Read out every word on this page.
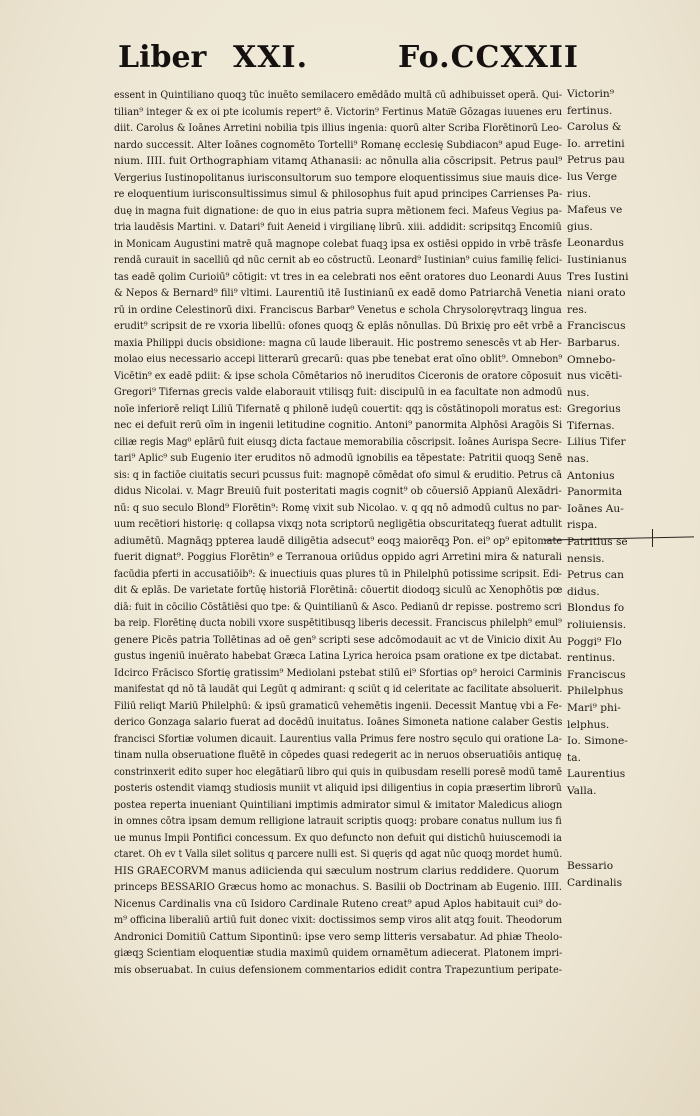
Liber XXI.	Fo.CCXXII
essent in Quintiliano quoqꝫ tūc inuēto semilacero emēdādo multā cū adhibuisset operā. Qui-
tilian⁹ integer & ex oi pte icolumis repert⁹ ē. Victorin⁹ Fertinus Matu͞e Gōzagas iuuenes eru
diit. Carolus & Ioānes Arretini nobilia tpis illius ingenia: quorū alter Scriba Florētinorū Leo-
nardo successit. Alter Ioānes cognomēto Tortelli⁹ Romanę ecclesię Subdiacon⁹ apud Euge-
nium. IIII. fuit Orthographiam vitamq Athanasii: ac nōnulla alia cōscripsit. Petrus paul⁹
Vergerius Iustinopolitanus iurisconsultorum suo tempore eloquentissimus siue mauis dice-
re eloquentium iurisconsultissimus simul & philosophus fuit apud principes Carrienses Pa-
duę in magna fuit dignatione: de quo in eius patria supra mētionem feci. Mafeus Vegius pa-
tria laudēsis Martini. v. Datari⁹ fuit Aeneid i virgilianę librū. xiii. addidit: scripsitqꝫ Encomiū
in Monicam Augustini matrē quā magnope colebat fuaqꝫ ipsa ex ostiēsi oppido in vrbē trāsfe
rendā curauit in sacelliū qd nūc cernit ab eo cōstructū. Leonard⁹ Iustinian⁹ cuius familię felici-
tas eadē qolim Curioiū⁹ cōtigit: vt tres in ea celebrati nos eēnt oratores duo Leonardi Auus
& Nepos & Bernard⁹ fili⁹ vltimi. Laurentiū itē Iustinianū ex eadē domo Patriarchā Venetia
rū in ordine Celestinorū dixi. Franciscus Barbar⁹ Venetus e schola Chrysoloręvtraqꝫ lingua
erudit⁹ scripsit de re vxoria libellū: ofones quoqꝫ & eplās nōnullas. Dū Brixię pro eēt vrbē a
maxia Philippi ducis obsidione: magna cū laude liberauit. Hic postremo senescēs vt ab Her-
molao eius necessario accepi litterarū grecarū: quas pbe tenebat erat oīno oblit⁹. Omnebon⁹
Vicētin⁹ ex eadē pdiit: & ipse schola Cōmētarios nō ineruditos Ciceronis de oratore cōposuit
Gregori⁹ Tifernas grecis valde elaborauit vtilisqꝫ fuit: discipulū in ea facultate non admodū
noīe inferiorē reliqt Liliū Tifernatē q philonē iudęū couertit: qqꝫ is cōstātinopoli moratus est:
nec ei defuit rerū oīm in ingenii letitudine cognitio. Antoni⁹ panormita Alphōsi Aragōis Si
ciliæ regis Mag⁰ eplārū fuit eiusqꝫ dicta factaue memorabilia cōscripsit. Ioānes Aurispa Secre-
tari⁹ Aplic⁹ sub Eugenio iter eruditos nō admodū ignobilis ea tēpestate: Patritii quoqꝫ Senē
sis: q in factiōe ciuitatis securi pcussus fuit: magnopē cōmēdat ofo simul & eruditio. Petrus cā
didus Nicolai. v. Magr Breuiū fuit posteritati magis cognit⁹ ob cōuersiō Appianū Alexādri-
nū: q suo seculo Blond⁹ Florētin⁹: Romę vixit sub Nicolao. v. q qq nō admodū cultus no par-
uum recētiori historię: q collapsa vixqꝫ nota scriptorū negligētia obscuritateqꝫ fuerat adtulit
adiumētū. Magnāqꝫ ppterea laudē diligētia adsecut⁹ eoqꝫ maiorēqꝫ Pon. ei⁹ op⁹ epitomate
fuerit dignat⁹. Poggius Florētin⁹ e Terranoua oriūdus oppido agri Arretini mira & naturali
facūdia pferti in accusatiōib⁹: & inuectiuis quas plures tū in Philelphū potissime scripsit. Edi-
dit & eplās. De varietate fortūę historiā Florētinā: cōuertit diodoqꝫ siculū ac Xenophōtis pœ
diā: fuit in cōcilio Cōstātiēsi quo tpe: & Quintilianū & Asco. Pedianū dr repisse. postremo scri
ba reip. Florētinę ducta nobili vxore suspētitibusqꝫ liberis decessit. Franciscus philelph⁹ emul⁹
genere Picēs patria Tollētinas ad oē gen⁹ scripti sese adcōmodauit ac vt de Vinicio dixit Au
gustus ingeniū inuērato habebat Græca Latina Lyrica heroica psam oratione ex tpe dictabat.
Idcirco Frācisco Sfortię gratissim⁹ Mediolani pstebat stilū ei⁹ Sfortias op⁹ heroici Carminis
manifestat qd nō tā laudāt qui Legūt q admirant: q sciūt q id celeritate ac facilitate absoluerit.
Filiū reliqt Mariū Philelphū: & ipsū gramaticū vehemētis ingenii. Decessit Mantuę vbi a Fe-
derico Gonzaga salario fuerat ad docēdū inuitatus. Ioānes Simoneta natione calaber Gestis
francisci Sfortiæ volumen dicauit. Laurentius valla Primus fere nostro sęculo qui oratione La-
tinam nulla obseruatione fluētē in cōpedes quasi redegerit ac in neruos obseruatiōis antiquę
constrinxerit edito super hoc elegātiarū libro qui quis in quibusdam reselli poresē modū tamē
posteris ostendit viamqꝫ studiosis muniit vt aliquid ipsi diligentius in copia præsertim librorū
postea reperta inueniant Quintiliani imptimis admirator simul & imitator Maledicus aliogn
in omnes cōtra ipsam demum relligione latrauit scriptis quoqꝫ: probare conatus nullum ius fi
ue munus Impii Pontifici concessum. Ex quo defuncto non defuit qui distichū huiuscemodi ia
ctaret. Oh ev t Valla silet solitus q parcere nulli est. Si quęris qd agat nūc quoqꝫ mordet humū.
HIS GRAECORVM manus adiicienda qui sæculum nostrum clarius reddidere. Quorum
princeps BESSARIO Græcus homo ac monachus. S. Basilii ob Doctrinam ab Eugenio. IIII.
Nicenus Cardinalis vna cū Isidoro Cardinale Ruteno creat⁹ apud Aplos habitauit cui⁹ do-
m⁹ officina liberaliū artiū fuit donec vixit: doctissimos semp viros alit atqꝫ fouit. Theodorum
Andronici Domitiū Cattum Sipontinū: ipse vero semp litteris versabatur. Ad phiæ Theolo-
giæqꝫ Scientiam eloquentiæ studia maximū quidem ornamētum adiecerat. Platonem impri-
mis obseruabat. In cuius defensionem commentarios edidit contra Trapezuntium peripate-
Victorin⁹
fertinus.
Carolus &
Io. arretini
Petrus pau
lus Verge
rius.
Mafeus ve
gius.
Leonardus
Iustinianus
Tres Iustini
niani orato
res.
Franciscus
Barbarus.
Omnebo-
nus vicēti-
nus.
Gregorius
Tifernas.
Lilius Tifer
nas.
Antonius
Panormita
Ioānes Au-
rispa.
Patritius se
nensis.
Petrus can
didus.
Blondus fo
roliuiensis.
Poggi⁹ Flo
rentinus.
Franciscus
Philelphus
Mari⁹ phi-
lelphus.
Io. Simone-
ta.
Laurentius
Valla.
Bessario
Cardinalis
